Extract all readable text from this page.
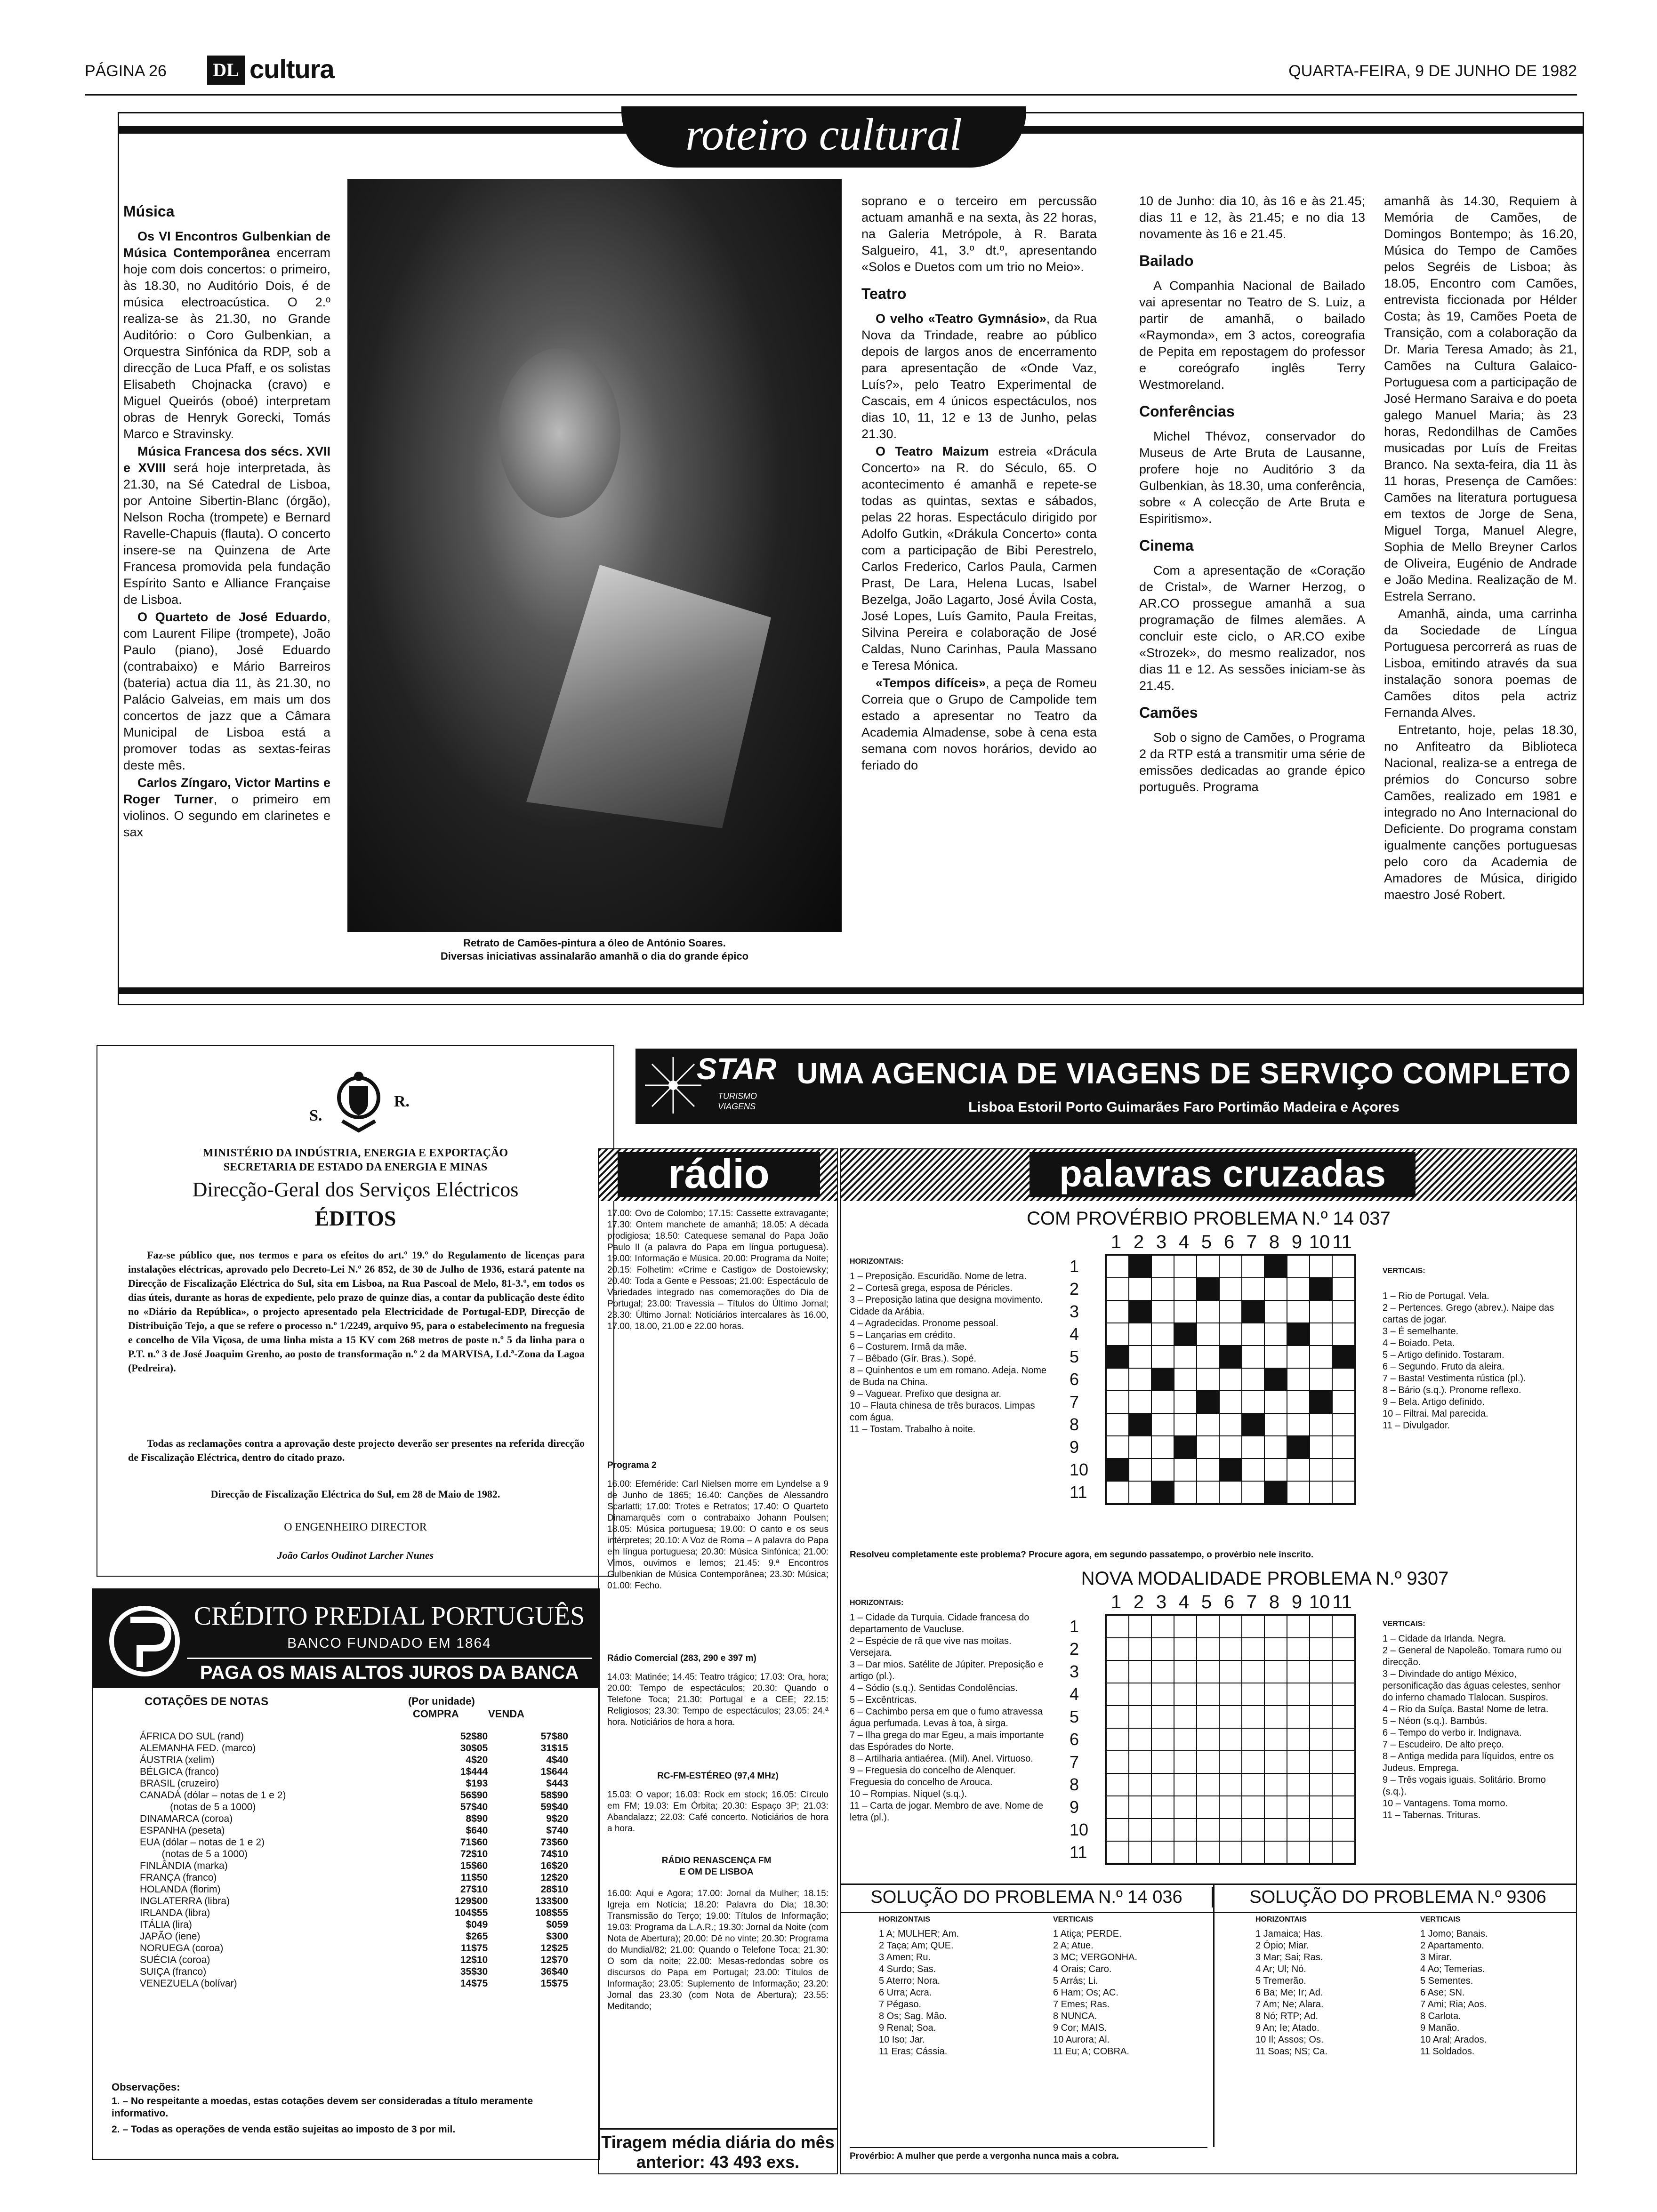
PÁGINA 26	DL cultura	QUARTA-FEIRA, 9 DE JUNHO DE 1982
roteiro cultural
Música

Os VI Encontros Gulbenkian de Música Contemporânea encerram hoje com dois concertos: o primeiro, às 18.30, no Auditório Dois, é de música electroacústica. O 2.º realiza-se às 21.30, no Grande Auditório: o Coro Gulbenkian, a Orquestra Sinfónica da RDP, sob a direcção de Luca Pfaff, e os solistas Elisabeth Chojnacka (cravo) e Miguel Queirós (oboé) interpretam obras de Henryk Gorecki, Tomás Marco e Stravinsky.

Música Francesa dos sécs. XVII e XVIII será hoje interpretada, às 21.30, na Sé Catedral de Lisboa, por Antoine Sibertin-Blanc (órgão), Nelson Rocha (trompete) e Bernard Ravelle-Chapuis (flauta). O concerto insere-se na Quinzena de Arte Francesa promovida pela fundação Espírito Santo e Alliance Française de Lisboa.

O Quarteto de José Eduardo, com Laurent Filipe (trompete), João Paulo (piano), José Eduardo (contrabaixo) e Mário Barreiros (bateria) actua dia 11, às 21.30, no Palácio Galveias, em mais um dos concertos de jazz que a Câmara Municipal de Lisboa está a promover todas as sextas-feiras deste mês.

Carlos Zíngaro, Victor Martins e Roger Turner, o primeiro em violinos. O segundo em clarinetes e sax

Retrato de Camões-pintura a óleo de António Soares.
Diversas iniciativas assinalarão amanhã o dia do grande épico

soprano e o terceiro em percussão actuam amanhã e na sexta, às 22 horas, na Galeria Metrópole, à R. Barata Salgueiro, 41, 3.º dt.º, apresentando «Solos e Duetos com um trio no Meio».

Teatro

O velho «Teatro Gymnásio», da Rua Nova da Trindade, reabre ao público depois de largos anos de encerramento para apresentação de «Onde Vaz, Luís?», pelo Teatro Experimental de Cascais, em 4 únicos espectáculos, nos dias 10, 11, 12 e 13 de Junho, pelas 21.30.

O Teatro Maizum estreia «Drácula Concerto» na R. do Século, 65. O acontecimento é amanhã e repete-se todas as quintas, sextas e sábados, pelas 22 horas. Espectáculo dirigido por Adolfo Gutkin, «Drákula Concerto» conta com a participação de Bibi Perestrelo, Carlos Frederico, Carlos Paula, Carmen Prast, De Lara, Helena Lucas, Isabel Bezelga, João Lagarto, José Ávila Costa, José Lopes, Luís Gamito, Paula Freitas, Silvina Pereira e colaboração de José Caldas, Nuno Carinhas, Paula Massano e Teresa Mónica.

«Tempos difíceis», a peça de Romeu Correia que o Grupo de Campolide tem estado a apresentar no Teatro da Academia Almadense, sobe à cena esta semana com novos horários, devido ao feriado do

10 de Junho: dia 10, às 16 e às 21.45; dias 11 e 12, às 21.45; e no dia 13 novamente às 16 e 21.45.

Bailado

A Companhia Nacional de Bailado vai apresentar no Teatro de S. Luiz, a partir de amanhã, o bailado «Raymonda», em 3 actos, coreografia de Pepita em repostagem do professor e coreógrafo inglês Terry Westmoreland.

Conferências

Michel Thévoz, conservador do Museus de Arte Bruta de Lausanne, profere hoje no Auditório 3 da Gulbenkian, às 18.30, uma conferência, sobre « A colecção de Arte Bruta e Espiritismo».

Cinema

Com a apresentação de «Coração de Cristal», de Warner Herzog, o AR.CO prossegue amanhã a sua programação de filmes alemães. A concluir este ciclo, o AR.CO exibe «Strozek», do mesmo realizador, nos dias 11 e 12. As sessões iniciam-se às 21.45.

Camões

Sob o signo de Camões, o Programa 2 da RTP está a transmitir uma série de emissões dedicadas ao grande épico português. Programa

amanhã às 14.30, Requiem à Memória de Camões, de Domingos Bontempo; às 16.20, Música do Tempo de Camões pelos Segréis de Lisboa; às 18.05, Encontro com Camões, entrevista ficcionada por Hélder Costa; às 19, Camões Poeta de Transição, com a colaboração da Dr. Maria Teresa Amado; às 21, Camões na Cultura Galaico-Portuguesa com a participação de José Hermano Saraiva e do poeta galego Manuel Maria; às 23 horas, Redondilhas de Camões musicadas por Luís de Freitas Branco. Na sexta-feira, dia 11 às 11 horas, Presença de Camões: Camões na literatura portuguesa em textos de Jorge de Sena, Miguel Torga, Manuel Alegre, Sophia de Mello Breyner Carlos de Oliveira, Eugénio de Andrade e João Medina. Realização de M. Estrela Serrano.

Amanhã, ainda, uma carrinha da Sociedade de Língua Portuguesa percorrerá as ruas de Lisboa, emitindo através da sua instalação sonora poemas de Camões ditos pela actriz Fernanda Alves.

Entretanto, hoje, pelas 18.30, no Anfiteatro da Biblioteca Nacional, realiza-se a entrega de prémios do Concurso sobre Camões, realizado em 1981 e integrado no Ano Internacional do Deficiente. Do programa constam igualmente canções portuguesas pelo coro da Academia de Amadores de Música, dirigido maestro José Robert.

S.
R.
MINISTÉRIO DA INDÚSTRIA, ENERGIA E EXPORTAÇÃO
SECRETARIA DE ESTADO DA ENERGIA E MINAS
Direcção-Geral dos Serviços Eléctricos
ÉDITOS
Faz-se público que, nos termos e para os efeitos do art.º 19.º do Regulamento de licenças para instalações eléctricas, aprovado pelo Decreto-Lei N.º 26 852, de 30 de Julho de 1936, estará patente na Direcção de Fiscalização Eléctrica do Sul, sita em Lisboa, na Rua Pascoal de Melo, 81-3.º, em todos os dias úteis, durante as horas de expediente, pelo prazo de quinze dias, a contar da publicação deste édito no «Diário da República», o projecto apresentado pela Electricidade de Portugal-EDP, Direcção de Distribuição Tejo, a que se refere o processo n.º 1/2249, arquivo 95, para o estabelecimento na freguesia e concelho de Vila Viçosa, de uma linha mista a 15 KV com 268 metros de poste n.º 5 da linha para o P.T. n.º 3 de José Joaquim Grenho, ao posto de transformação n.º 2 da MARVISA, Ld.ª-Zona da Lagoa (Pedreira).
Todas as reclamações contra a aprovação deste projecto deverão ser presentes na referida direcção de Fiscalização Eléctrica, dentro do citado prazo.
Direcção de Fiscalização Eléctrica do Sul, em 28 de Maio de 1982.
O ENGENHEIRO DIRECTOR
João Carlos Oudinot Larcher Nunes
CRÉDITO PREDIAL PORTUGUÊS
BANCO FUNDADO EM 1864
PAGA OS MAIS ALTOS JUROS DA BANCA
COTAÇÕES DE NOTAS	(Por unidade)
COMPRA	VENDA
ÁFRICA DO SUL (rand)	52$80	57$80
ALEMANHA FED. (marco)	30$05	31$15
ÁUSTRIA (xelim)	4$20	4$40
BÉLGICA (franco)	1$444	1$644
BRASIL (cruzeiro)	$193	$443
CANADÁ (dólar – notas de 1 e 2)	56$90	58$90
(notas de 5 a 1000)	57$40	59$40
DINAMARCA (coroa)	8$90	9$20
ESPANHA (peseta)	$640	$740
EUA (dólar – notas de 1 e 2)	71$60	73$60
(notas de 5 a 1000)	72$10	74$10
FINLÂNDIA (marka)	15$60	16$20
FRANÇA (franco)	11$50	12$20
HOLANDA (florim)	27$10	28$10
INGLATERRA (libra)	129$00	133$00
IRLANDA (libra)	104$55	108$55
ITÁLIA (lira)	$049	$059
JAPÃO (iene)	$265	$300
NORUEGA (coroa)	11$75	12$25
SUÉCIA (coroa)	12$10	12$70
SUIÇA (franco)	35$30	36$40
VENEZUELA (bolívar)	14$75	15$75
Observações:
1. – No respeitante a moedas, estas cotações devem ser consideradas a título meramente informativo.
2. – Todas as operações de venda estão sujeitas ao imposto de 3 por mil.
STAR
TURISMO VIAGENS
UMA AGENCIA DE VIAGENS DE SERVIÇO COMPLETO
Lisboa Estoril Porto Guimarães Faro Portimão Madeira e Açores
rádio
17.00: Ovo de Colombo; 17.15: Cassette extravagante; 17.30: Ontem manchete de amanhã; 18.05: A década prodigiosa; 18.50: Catequese semanal do Papa João Paulo II (a palavra do Papa em língua portuguesa). 19.00: Informação e Música. 20.00: Programa da Noite; 20.15: Folhetim: «Crime e Castigo» de Dostoiewsky; 20.40: Toda a Gente e Pessoas; 21.00: Espectáculo de Variedades integrado nas comemorações do Dia de Portugal; 23.00: Travessia – Títulos do Último Jornal; 23.30: Último Jornal: Noticiários intercalares às 16.00, 17.00, 18.00, 21.00 e 22.00 horas.
Programa 2
16.00: Efeméride: Carl Nielsen morre em Lyndelse a 9 de Junho de 1865; 16.40: Canções de Alessandro Scarlatti; 17.00: Trotes e Retratos; 17.40: O Quarteto Dinamarquês com o contrabaixo Johann Poulsen; 18.05: Música portuguesa; 19.00: O canto e os seus intérpretes; 20.10: A Voz de Roma – A palavra do Papa em língua portuguesa; 20.30: Música Sinfónica; 21.00: Vimos, ouvimos e lemos; 21.45: 9.ª Encontros Gulbenkian de Música Contemporânea; 23.30: Música; 01.00: Fecho.
Rádio Comercial (283, 290 e 397 m)
14.03: Matinée; 14.45: Teatro trágico; 17.03: Ora, hora; 20.00: Tempo de espectáculos; 20.30: Quando o Telefone Toca; 21.30: Portugal e a CEE; 22.15: Religiosos; 23.30: Tempo de espectáculos; 23.05: 24.ª hora. Noticiários de hora a hora.
RC-FM-ESTÉREO (97,4 MHz)
15.03: O vapor; 16.03: Rock em stock; 16.05: Círculo em FM; 19.03: Em Órbita; 20.30: Espaço 3P; 21.03: Abandalazz; 22.03: Café concerto. Noticiários de hora a hora.
RÁDIO RENASCENÇA FM E OM DE LISBOA
16.00: Aqui e Agora; 17.00: Jornal da Mulher; 18.15: Igreja em Notícia; 18.20: Palavra do Dia; 18.30: Transmissão do Terço; 19.00: Títulos de Informação; 19.03: Programa da L.A.R.; 19.30: Jornal da Noite (com Nota de Abertura); 20.00: Dê no vinte; 20.30: Programa do Mundial/82; 21.00: Quando o Telefone Toca; 21.30: O som da noite; 22.00: Mesas-redondas sobre os discursos do Papa em Portugal; 23.00: Títulos de Informação; 23.05: Suplemento de Informação; 23.20: Jornal das 23.30 (com Nota de Abertura); 23.55: Meditando;
Tiragem média diária do mês anterior: 43 493 exs.
palavras cruzadas
COM PROVÉRBIO PROBLEMA N.º 14 037
1 2 3 4 5 6 7 8 9 10 11
1
2
3
4
5
6
7
8
9
10
11
HORIZONTAIS:
1 – Preposição. Escuridão. Nome de letra.
2 – Cortesã grega, esposa de Péricles.
3 – Preposição latina que designa movimento. Cidade da Arábia.
4 – Agradecidas. Pronome pessoal.
5 – Lançarias em crédito.
6 – Costurem. Irmã da mãe.
7 – Bêbado (Gír. Bras.). Sopé.
8 – Quinhentos e um em romano. Adeja. Nome de Buda na China.
9 – Vaguear. Prefixo que designa ar.
10 – Flauta chinesa de três buracos. Limpas com água.
11 – Tostam. Trabalho à noite.
VERTICAIS:
1 – Rio de Portugal. Vela.
2 – Pertences. Grego (abrev.). Naipe das cartas de jogar.
3 – É semelhante.
4 – Boiado. Peta.
5 – Artigo definido. Tostaram.
6 – Segundo. Fruto da aleira.
7 – Basta! Vestimenta rústica (pl.).
8 – Bário (s.q.). Pronome reflexo.
9 – Bela. Artigo definido.
10 – Filtrai. Mal parecida.
11 – Divulgador.
Resolveu completamente este problema? Procure agora, em segundo passatempo, o provérbio nele inscrito.
NOVA MODALIDADE PROBLEMA N.º 9307
1 2 3 4 5 6 7 8 9 10 11
1
2
3
4
5
6
7
8
9
10
11
HORIZONTAIS:
1 – Cidade da Turquia. Cidade francesa do departamento de Vaucluse.
2 – Espécie de rã que vive nas moitas. Versejara.
3 – Dar mios. Satélite de Júpiter. Preposição e artigo (pl.).
4 – Sódio (s.q.). Sentidas Condolências.
5 – Excêntricas.
6 – Cachimbo persa em que o fumo atravessa água perfumada. Levas à toa, à sirga.
7 – Ilha grega do mar Egeu, a mais importante das Espórades do Norte.
8 – Artilharia antiaérea. (Mil). Anel. Virtuoso.
9 – Freguesia do concelho de Alenquer. Freguesia do concelho de Arouca.
10 – Rompias. Níquel (s.q.).
11 – Carta de jogar. Membro de ave. Nome de letra (pl.).
VERTICAIS:
1 – Cidade da Irlanda. Negra.
2 – General de Napoleão. Tomara rumo ou direcção.
3 – Divindade do antigo México, personificação das águas celestes, senhor do inferno chamado Tlalocan. Suspiros.
4 – Rio da Suíça. Basta! Nome de letra.
5 – Néon (s.q.). Bambús.
6 – Tempo do verbo ir. Indignava.
7 – Escudeiro. De alto preço.
8 – Antiga medida para líquidos, entre os Judeus. Emprega.
9 – Três vogais iguais. Solitário. Bromo (s.q.).
10 – Vantagens. Toma morno.
11 – Tabernas. Trituras.
SOLUÇÃO DO PROBLEMA N.º 14 036	SOLUÇÃO DO PROBLEMA N.º 9306
HORIZONTAIS
1 A; MULHER; Am.
2 Taça; Am; QUE.
3 Amen; Ru.
4 Surdo; Sas.
5 Aterro; Nora.
6 Urra; Acra.
7 Pégaso.
8 Os; Sag. Mão.
9 Renal; Soa.
10 Iso; Jar.
11 Eras; Cássia.
VERTICAIS
1 Atiça; PERDE.
2 A; Atue.
3 MC; VERGONHA.
4 Orais; Caro.
5 Arrás; Li.
6 Ham; Os; AC.
7 Emes; Ras.
8 NUNCA.
9 Cor; MAIS.
10 Aurora; Al.
11 Eu; A; COBRA.
HORIZONTAIS
1 Jamaica; Has.
2 Ópio; Miar.
3 Mar; Sai; Ras.
4 Ar; Ul; Nó.
5 Tremerão.
6 Ba; Me; Ir; Ad.
7 Am; Ne; Alara.
8 Nó; RTP; Ad.
9 An; Ie; Atado.
10 Il; Assos; Os.
11 Soas; NS; Ca.
VERTICAIS
1 Jomo; Banais.
2 Apartamento.
3 Mirar.
4 Ao; Temerias.
5 Sementes.
6 Ase; SN.
7 Ami; Ria; Aos.
8 Carlota.
9 Manão.
10 Aral; Arados.
11 Soldados.
Provérbio: A mulher que perde a vergonha nunca mais a cobra.
